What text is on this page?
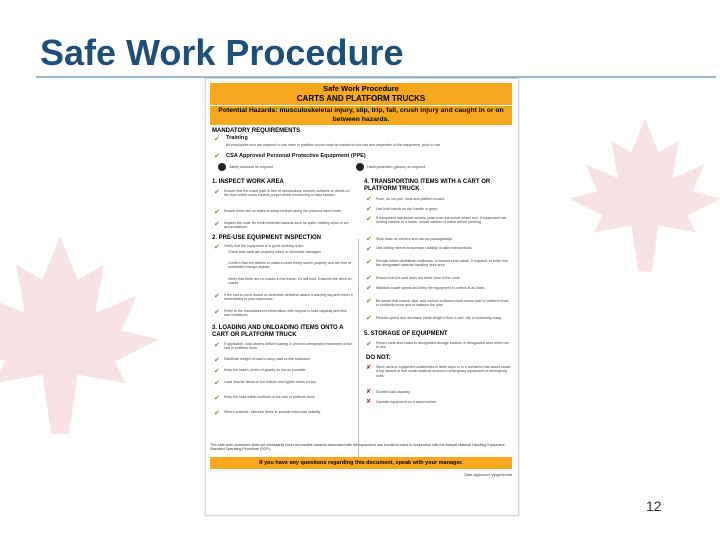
Safe Work Procedure
Safe Work Procedure
CARTS AND PLATFORM TRUCKS
Potential Hazards: musculoskeletal injury, slip, trip, fall, crush injury and caught in or on between hazards.
MANDATORY REQUIREMENTS
✔ Training
All employees who are required to use carts or platform trucks must be trained on the use and inspection of the equipment, prior to use.
✔ CSA Approved Personal Protective Equipment (PPE)
Safety footwear as required	Hand protection (gloves) as required
1. INSPECT WORK AREA
✔ Ensure that the travel path is free of obstructions, uneven surfaces or debris on the floor which could impede proper wheel functioning or load traction.
✔ Ensure there are no stairs or steep inclines along the planned travel route.
✔ Inspect the route for environmental hazards such as spills, melting snow or ice accumulations.
2. PRE-USE EQUIPMENT INSPECTION
✔ Verify that the equipment is in good working order:
Check that carts are properly rolled or otherwise damaged.
Confirm that the wheels or casters move freely swivel properly and are free of embedded foreign objects.
Verify that there are no cracks in the frame, if it will hold. Examine the deck for cracks.
✔ If the cart is not in sound or otherwise defective attach a warning tag and report it immediately to your supervisor.
✔ Refer to the manufacturer's information with respect to load capacity and item size limitations.
3. LOADING AND UNLOADING ITEMS ONTO A CART OR PLATFORM TRUCK
✔ If applicable, lock casters before loading to prevent unexpected movement of the cart or platform truck.
✔ Distribute weight of load to keep load centre balanced.
✔ Keep the load's centre of gravity as low as possible.
✔ Load heavier items on the bottom and lighter items on top.
✔ Keep the load within confines of the cart or platform truck.
✔ Where possible, interlock items to provide extra load stability.
4. TRANSPORTING ITEMS WITH A CART OR PLATFORM TRUCK
✔ Push, do not pull, carts and platform trucks.
✔ Use both hands on the handle or grips.
✔ If equipment has swivel wheels, push from the swivel wheel end. If equipment has locking castors or a brake, unlock castors or brake before pushing.
✔ Slow down at corners and narrow passageways.
✔ Use ceiling mirrors to increase visibility at aisle intersections.
✔ Remain within pedestrian walkways, or hazard zone areas. If required, to enter into the designated material handling work area.
✔ Ensure that the load does not block view of the route.
✔ Maintain a safe speed and keep the equipment in control at all times.
✔ Be aware that cracks, dips, and uneven surfaces could cause load or platform truck to suddenly move and or balance the load.
✔ Reduce speed and decrease stride length if floor is wet, oily or extremely dusty.
5. STORAGE OF EQUIPMENT
✔ Return carts and trucks to designated storage location or designated area when not in use.
DO NOT:
✘ Store carts or equipment unattended in aisle ways or in a workarea that would cause a trip hazard or that would obstruct access to emergency equipment or emergency exits.
✘ Exceed load capacity.
✘ Operate equipment on a steep incline.
This safe work procedure does not necessarily cover all possible hazards associated with the equipment and should be used in conjunction with the Manual Material Handling Equipment Standard Operating Procedure (SOP).
If you have any questions regarding this document, speak with your manager.
Date Approved: yyyy/mm/dd
12
